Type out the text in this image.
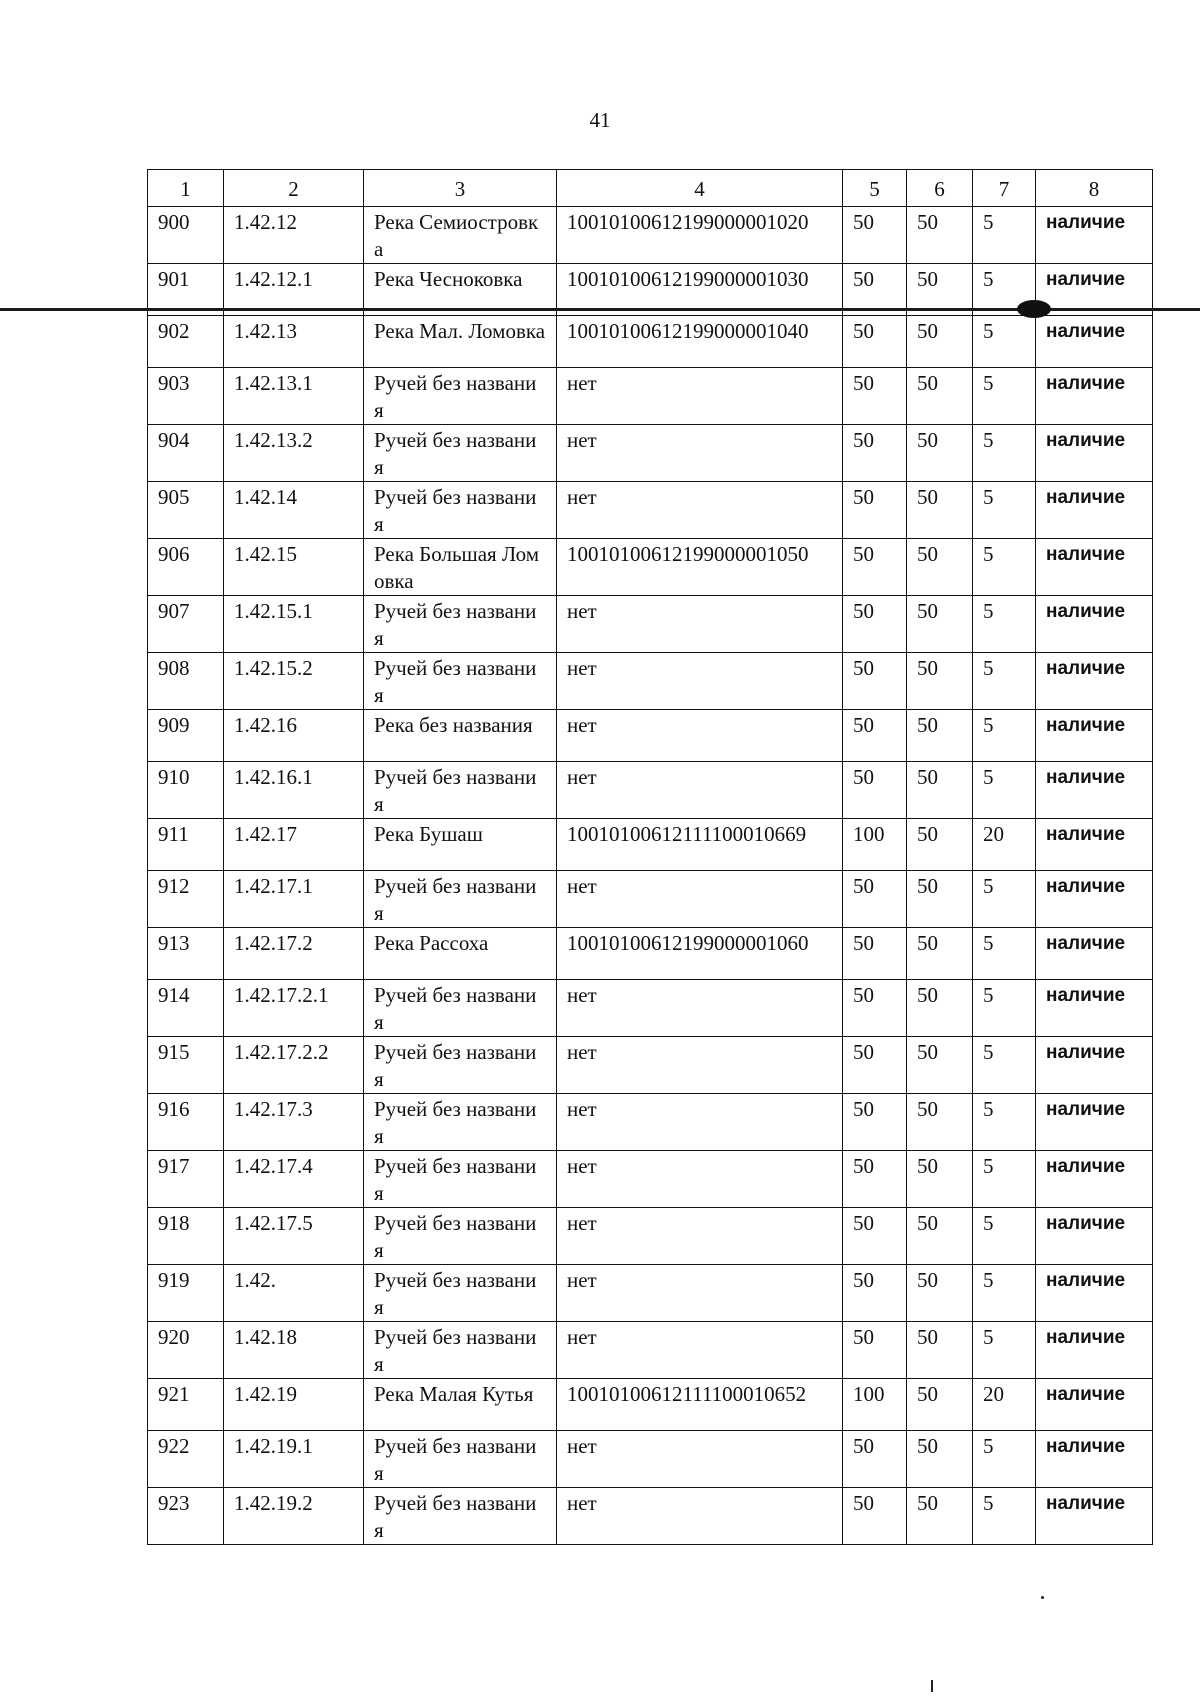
41
1	2	3	4	5	6	7	8
900	1.42.12	Река Семиостровка	10010100612199000001020	50	50	5	наличие
901	1.42.12.1	Река Чесноковка	10010100612199000001030	50	50	5	наличие
902	1.42.13	Река Мал. Ломовка	10010100612199000001040	50	50	5	наличие
903	1.42.13.1	Ручей без названия	нет	50	50	5	наличие
904	1.42.13.2	Ручей без названия	нет	50	50	5	наличие
905	1.42.14	Ручей без названия	нет	50	50	5	наличие
906	1.42.15	Река Большая Ломовка	10010100612199000001050	50	50	5	наличие
907	1.42.15.1	Ручей без названия	нет	50	50	5	наличие
908	1.42.15.2	Ручей без названия	нет	50	50	5	наличие
909	1.42.16	Река без названия	нет	50	50	5	наличие
910	1.42.16.1	Ручей без названия	нет	50	50	5	наличие
911	1.42.17	Река Бушаш	10010100612111100010669	100	50	20	наличие
912	1.42.17.1	Ручей без названия	нет	50	50	5	наличие
913	1.42.17.2	Река Рассоха	10010100612199000001060	50	50	5	наличие
914	1.42.17.2.1	Ручей без названия	нет	50	50	5	наличие
915	1.42.17.2.2	Ручей без названия	нет	50	50	5	наличие
916	1.42.17.3	Ручей без названия	нет	50	50	5	наличие
917	1.42.17.4	Ручей без названия	нет	50	50	5	наличие
918	1.42.17.5	Ручей без названия	нет	50	50	5	наличие
919	1.42.	Ручей без названия	нет	50	50	5	наличие
920	1.42.18	Ручей без названия	нет	50	50	5	наличие
921	1.42.19	Река Малая Кутья	10010100612111100010652	100	50	20	наличие
922	1.42.19.1	Ручей без названия	нет	50	50	5	наличие
923	1.42.19.2	Ручей без названия	нет	50	50	5	наличие
